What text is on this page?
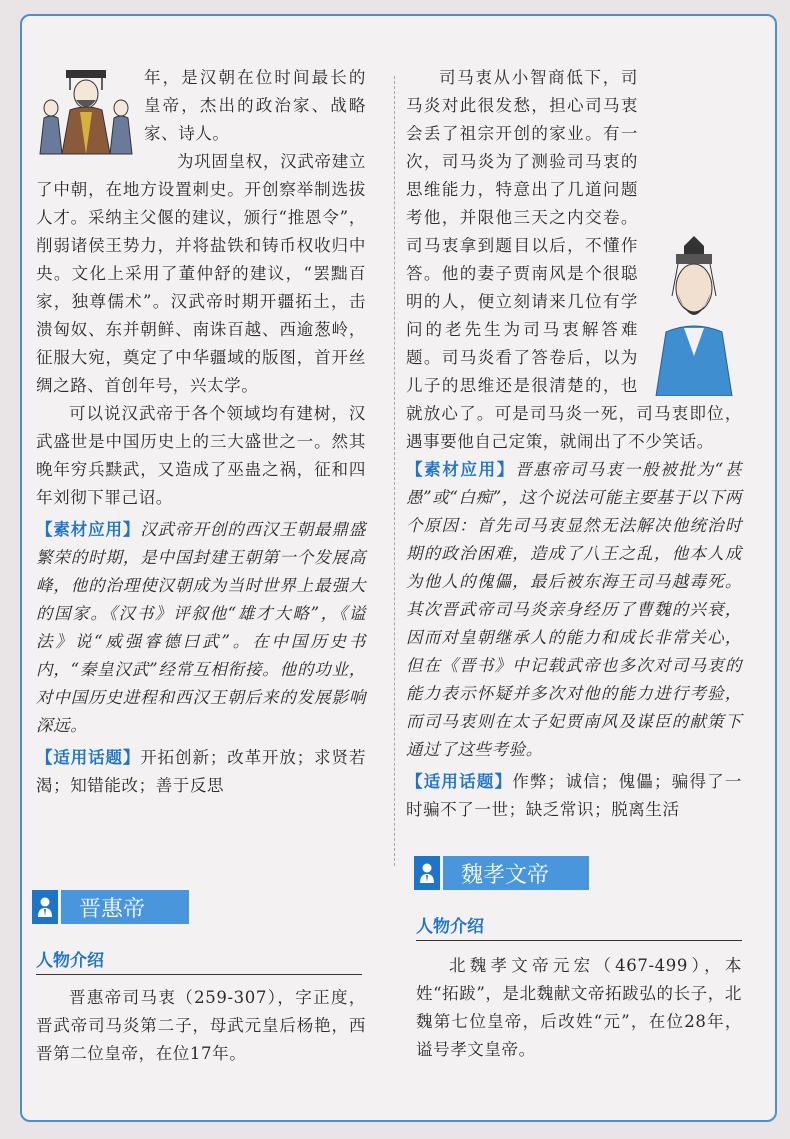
年，是汉朝在位时间最长的皇帝，杰出的政治家、战略家、诗人。

为巩固皇权，汉武帝建立了中朝，在地方设置刺史。开创察举制选拔人才。采纳主父偃的建议，颁行“推恩令”，削弱诸侯王势力，并将盐铁和铸币权收归中央。文化上采用了董仲舒的建议，“罢黜百家，独尊儒术”。汉武帝时期开疆拓土，击溃匈奴、东并朝鲜、南诛百越、西逾葱岭，征服大宛，奠定了中华疆域的版图，首开丝绸之路、首创年号，兴太学。

可以说汉武帝于各个领域均有建树，汉武盛世是中国历史上的三大盛世之一。然其晚年穷兵黩武，又造成了巫蛊之祸，征和四年刘彻下罪己诏。

【素材应用】汉武帝开创的西汉王朝最鼎盛繁荣的时期，是中国封建王朝第一个发展高峰，他的治理使汉朝成为当时世界上最强大的国家。《汉书》评叙他“雄才大略”，《谥法》说“威强睿德曰武”。在中国历史书内，“秦皇汉武”经常互相衔接。他的功业，对中国历史进程和西汉王朝后来的发展影响深远。

【适用话题】开拓创新；改革开放；求贤若渴；知错能改；善于反思

晋惠帝
人物介绍

晋惠帝司马衷（259-307），字正度，晋武帝司马炎第二子，母武元皇后杨艳，西晋第二位皇帝，在位17年。

司马衷从小智商低下，司马炎对此很发愁，担心司马衷会丢了祖宗开创的家业。有一次，司马炎为了测验司马衷的思维能力，特意出了几道问题考他，并限他三天之内交卷。司马衷拿到题目以后，不懂作答。他的妻子贾南风是个很聪明的人，便立刻请来几位有学问的老先生为司马衷解答难题。司马炎看了答卷后，以为儿子的思维还是很清楚的，也就放心了。可是司马炎一死，司马衷即位，遇事要他自己定策，就闹出了不少笑话。

【素材应用】晋惠帝司马衷一般被批为“甚愚”或“白痴”，这个说法可能主要基于以下两个原因：首先司马衷显然无法解决他统治时期的政治困难，造成了八王之乱，他本人成为他人的傀儡，最后被东海王司马越毒死。其次晋武帝司马炎亲身经历了曹魏的兴衰，因而对皇朝继承人的能力和成长非常关心，但在《晋书》中记载武帝也多次对司马衷的能力表示怀疑并多次对他的能力进行考验，而司马衷则在太子妃贾南风及谋臣的献策下通过了这些考验。

【适用话题】作弊；诚信；傀儡；骗得了一时骗不了一世；缺乏常识；脱离生活

魏孝文帝
人物介绍

北魏孝文帝元宏（467-499），本姓“拓跋”，是北魏献文帝拓跋弘的长子，北魏第七位皇帝，后改姓“元”，在位28年，谥号孝文皇帝。
